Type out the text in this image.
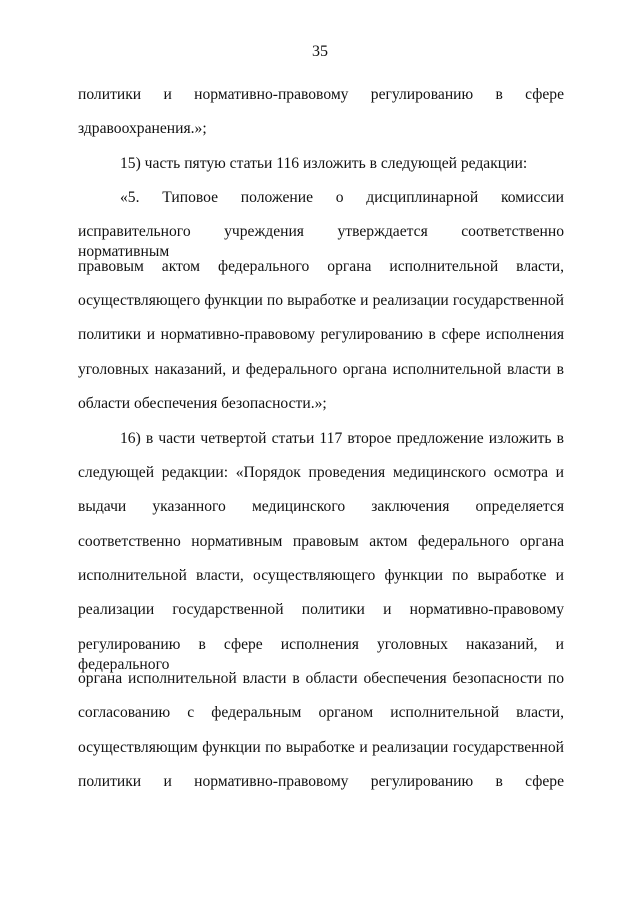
35
политики и нормативно-правовому регулированию в сфере
здравоохранения.»;
15) часть пятую статьи 116 изложить в следующей редакции:
«5. Типовое положение о дисциплинарной комиссии
исправительного учреждения утверждается соответственно нормативным
правовым актом федерального органа исполнительной власти,
осуществляющего функции по выработке и реализации государственной
политики и нормативно-правовому регулированию в сфере исполнения
уголовных наказаний, и федерального органа исполнительной власти в
области обеспечения безопасности.»;
16) в части четвертой статьи 117 второе предложение изложить в
следующей редакции: «Порядок проведения медицинского осмотра и
выдачи указанного медицинского заключения определяется
соответственно нормативным правовым актом федерального органа
исполнительной власти, осуществляющего функции по выработке и
реализации государственной политики и нормативно-правовому
регулированию в сфере исполнения уголовных наказаний, и федерального
органа исполнительной власти в области обеспечения безопасности по
согласованию с федеральным органом исполнительной власти,
осуществляющим функции по выработке и реализации государственной
политики и нормативно-правовому регулированию в сфере
